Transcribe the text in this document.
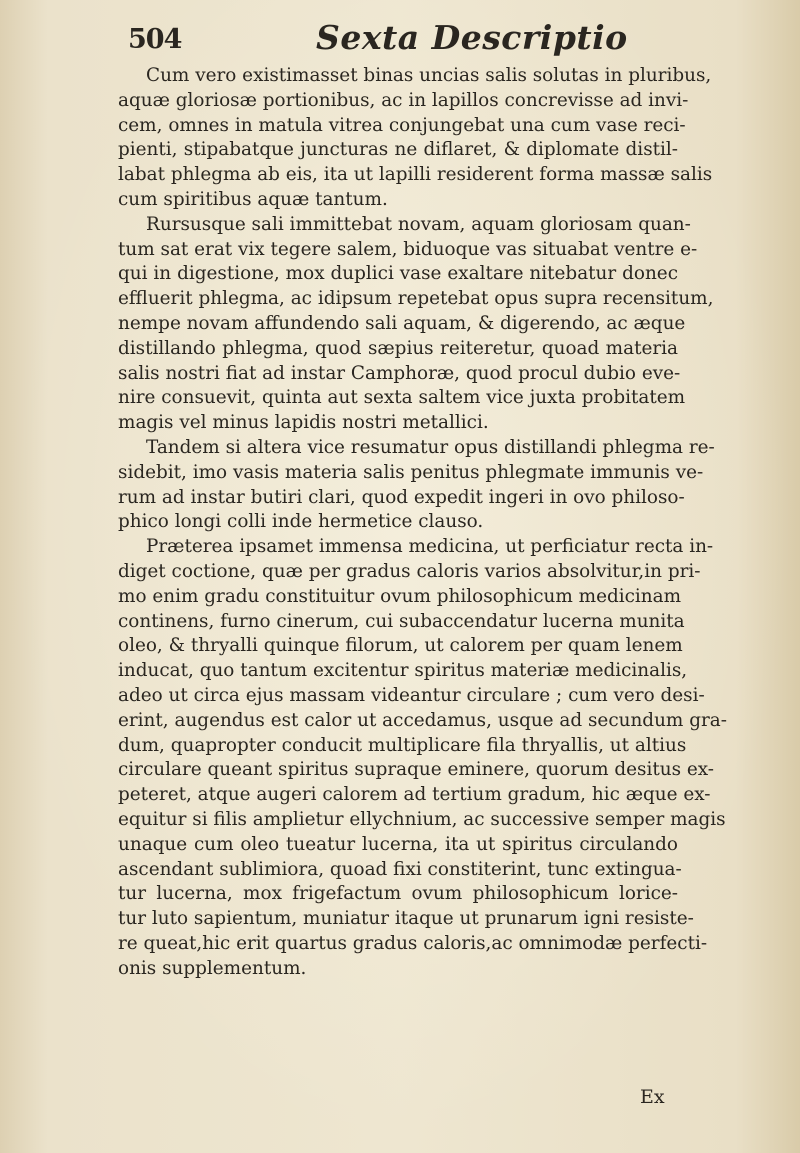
504	Sexta Descriptio
Cum vero existimasset binas uncias salis solutas in pluribus,
aquæ gloriosæ portionibus, ac in lapillos concrevisse ad invi-
cem, omnes in matula vitrea conjungebat una cum vase reci-
pienti, stipabatque juncturas ne diflaret, & diplomate distil-
labat phlegma ab eis, ita ut lapilli residerent forma massæ salis
cum spiritibus aquæ tantum.
Rursusque sali immittebat novam, aquam gloriosam quan-
tum sat erat vix tegere salem, biduoque vas situabat ventre e-
qui in digestione, mox duplici vase exaltare nitebatur donec
effluerit phlegma, ac idipsum repetebat opus supra recensitum,
nempe novam affundendo sali aquam, & digerendo, ac æque
distillando phlegma, quod sæpius reiteretur, quoad materia
salis nostri fiat ad instar Camphoræ, quod procul dubio eve-
nire consuevit, quinta aut sexta saltem vice juxta probitatem
magis vel minus lapidis nostri metallici.
Tandem si altera vice resumatur opus distillandi phlegma re-
sidebit, imo vasis materia salis penitus phlegmate immunis ve-
rum ad instar butiri clari, quod expedit ingeri in ovo philoso-
phico longi colli inde hermetice clauso.
Præterea ipsamet immensa medicina, ut perficiatur recta in-
diget coctione, quæ per gradus caloris varios absolvitur,in pri-
mo enim gradu constituitur ovum philosophicum medicinam
continens, furno cinerum, cui subaccendatur lucerna munita
oleo, & thryalli quinque filorum, ut calorem per quam lenem
inducat, quo tantum excitentur spiritus materiæ medicinalis,
adeo ut circa ejus massam videantur circulare ; cum vero desi-
erint, augendus est calor ut accedamus, usque ad secundum gra-
dum, quapropter conducit multiplicare fila thryallis, ut altius
circulare queant spiritus supraque eminere, quorum desitus ex-
peteret, atque augeri calorem ad tertium gradum, hic æque ex-
equitur si filis amplietur ellychnium, ac successive semper magis
unaque cum oleo tueatur lucerna, ita ut spiritus circulando
ascendant sublimiora, quoad fixi constiterint, tunc extingua-
tur lucerna, mox frigefactum ovum philosophicum lorice-
tur luto sapientum, muniatur itaque ut prunarum igni resiste-
re queat,hic erit quartus gradus caloris,ac omnimodæ perfecti-
onis supplementum.
Ex
